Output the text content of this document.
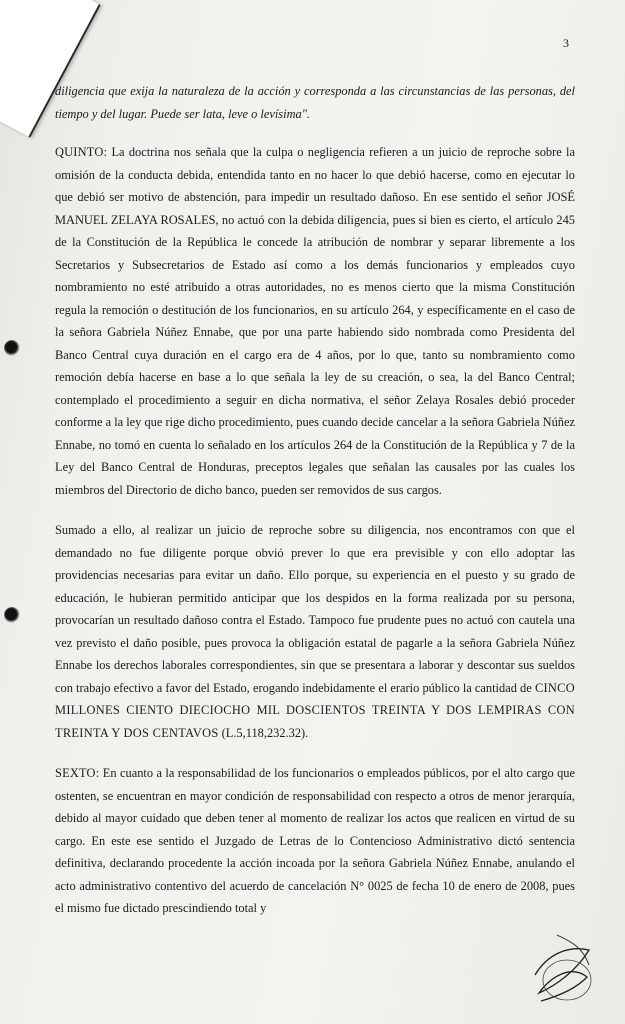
3

diligencia que exija la naturaleza de la acción y corresponda a las circunstancias de las personas, del tiempo y del lugar. Puede ser lata, leve o levísima".

QUINTO: La doctrina nos señala que la culpa o negligencia refieren a un juicio de reproche sobre la omisión de la conducta debida, entendida tanto en no hacer lo que debió hacerse, como en ejecutar lo que debió ser motivo de abstención, para impedir un resultado dañoso. En ese sentido el señor JOSÉ MANUEL ZELAYA ROSALES, no actuó con la debida diligencia, pues si bien es cierto, el artículo 245 de la Constitución de la República le concede la atribución de nombrar y separar libremente a los Secretarios y Subsecretarios de Estado así como a los demás funcionarios y empleados cuyo nombramiento no esté atribuido a otras autoridades, no es menos cierto que la misma Constitución regula la remoción o destitución de los funcionarios, en su artículo 264, y específicamente en el caso de la señora Gabriela Núñez Ennabe, que por una parte habiendo sido nombrada como Presidenta del Banco Central cuya duración en el cargo era de 4 años, por lo que, tanto su nombramiento como remoción debía hacerse en base a lo que señala la ley de su creación, o sea, la del Banco Central; contemplado el procedimiento a seguir en dicha normativa, el señor Zelaya Rosales debió proceder conforme a la ley que rige dicho procedimiento, pues cuando decide cancelar a la señora Gabriela Núñez Ennabe, no tomó en cuenta lo señalado en los artículos 264 de la Constitución de la República y 7 de la Ley del Banco Central de Honduras, preceptos legales que señalan las causales por las cuales los miembros del Directorio de dicho banco, pueden ser removidos de sus cargos.

Sumado a ello, al realizar un juicio de reproche sobre su diligencia, nos encontramos con que el demandado no fue diligente porque obvió prever lo que era previsible y con ello adoptar las providencias necesarias para evitar un daño. Ello porque, su experiencia en el puesto y su grado de educación, le hubieran permitido anticipar que los despidos en la forma realizada por su persona, provocarían un resultado dañoso contra el Estado. Tampoco fue prudente pues no actuó con cautela una vez previsto el daño posible, pues provoca la obligación estatal de pagarle a la señora Gabriela Núñez Ennabe los derechos laborales correspondientes, sin que se presentara a laborar y descontar sus sueldos con trabajo efectivo a favor del Estado, erogando indebidamente el erario público la cantidad de CINCO MILLONES CIENTO DIECIOCHO MIL DOSCIENTOS TREINTA Y DOS LEMPIRAS CON TREINTA Y DOS CENTAVOS (L.5,118,232.32).

SEXTO: En cuanto a la responsabilidad de los funcionarios o empleados públicos, por el alto cargo que ostenten, se encuentran en mayor condición de responsabilidad con respecto a otros de menor jerarquía, debido al mayor cuidado que deben tener al momento de realizar los actos que realicen en virtud de su cargo. En este ese sentido el Juzgado de Letras de lo Contencioso Administrativo dictó sentencia definitiva, declarando procedente la acción incoada por la señora Gabriela Núñez Ennabe, anulando el acto administrativo contentivo del acuerdo de cancelación N° 0025 de fecha 10 de enero de 2008, pues el mismo fue dictado prescindiendo total y
